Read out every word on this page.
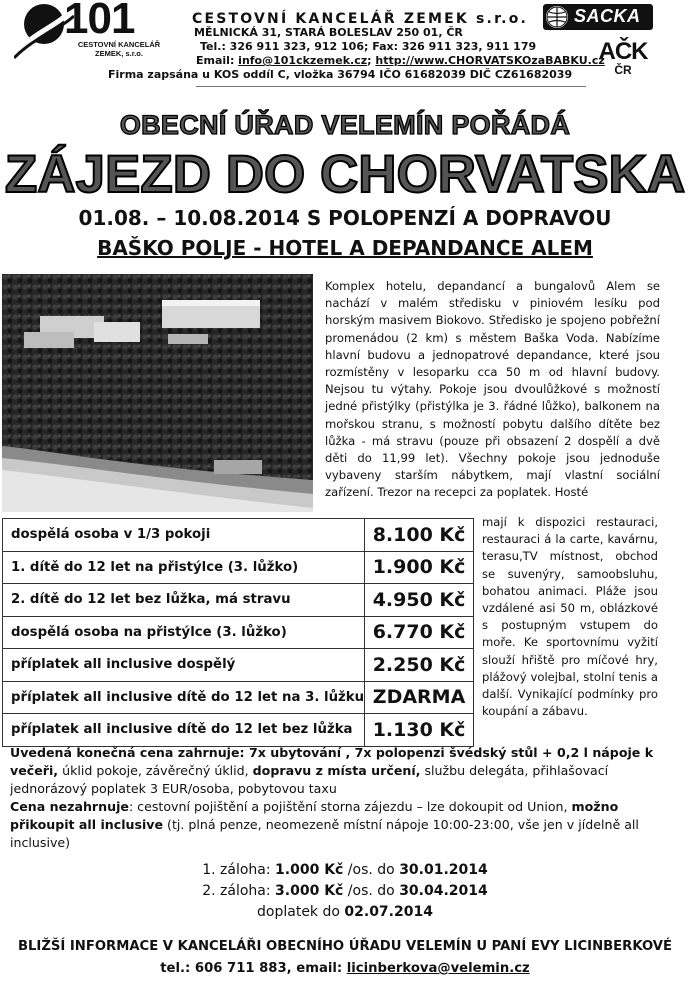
101
CESTOVNÍ KANCELÁŘ
ZEMEK, s.r.o.
CESTOVNÍ KANCELÁŘ ZEMEK s.r.o.
MĚLNICKÁ 31, STARÁ BOLESLAV 250 01, ČR
Tel.: 326 911 323, 912 106; Fax: 326 911 323, 911 179
Email: info@101ckzemek.cz; http://www.CHORVATSKOzaBABKU.cz
Firma zapsána u KOS oddíl C, vložka 36794 IČO 61682039 DIČ CZ61682039
SACKA
AČK
ČR
OBECNÍ ÚŘAD VELEMÍN POŘÁDÁ
ZÁJEZD DO CHORVATSKA
01.08. – 10.08.2014 S POLOPENZÍ A DOPRAVOU
BAŠKO POLJE - HOTEL A DEPANDANCE ALEM
Komplex hotelu, depandancí a bungalovů Alem se nachází v malém středisku v piniovém lesíku pod horským masivem Biokovo. Středisko je spojeno pobřežní promenádou (2 km) s městem Baška Voda. Nabízíme hlavní budovu a jednopatrové depandance, které jsou rozmístěny v lesoparku cca 50 m od hlavní budovy. Nejsou tu výtahy. Pokoje jsou dvoulůžkové s možností jedné přistýlky (přistýlka je 3. řádné lůžko), balkonem na mořskou stranu, s možností pobytu dalšího dítěte bez lůžka - má stravu (pouze při obsazení 2 dospělí a dvě děti do 11,99 let). Všechny pokoje jsou jednoduše vybaveny starším nábytkem, mají vlastní sociální zařízení. Trezor na recepci za poplatek. Hosté
mají k dispozici restauraci, restauraci á la carte, kavárnu, terasu,TV místnost, obchod se suvenýry, samoobsluhu, bohatou animaci. Pláže jsou vzdálené asi 50 m, oblázkové s postupným vstupem do moře. Ke sportovnímu vyžití slouží hřiště pro míčové hry, plážový volejbal, stolní tenis a další. Vynikající podmínky pro koupání a zábavu.
dospělá osoba v 1/3 pokoji	8.100 Kč
1. dítě do 12 let na přistýlce (3. lůžko)	1.900 Kč
2. dítě do 12 let bez lůžka, má stravu	4.950 Kč
dospělá osoba na přistýlce (3. lůžko)	6.770 Kč
příplatek all inclusive dospělý	2.250 Kč
příplatek all inclusive dítě do 12 let na 3. lůžku	ZDARMA
příplatek all inclusive dítě do 12 let bez lůžka	1.130 Kč
Uvedená konečná cena zahrnuje: 7x ubytování , 7x polopenzi švédský stůl + 0,2 l nápoje k večeři, úklid pokoje, závěrečný úklid, dopravu z místa určení, službu delegáta, přihlašovací jednorázový poplatek 3 EUR/osoba, pobytovou taxu
Cena nezahrnuje: cestovní pojištění a pojištění storna zájezdu – lze dokoupit od Union, možno přikoupit all inclusive (tj. plná penze, neomezeně místní nápoje 10:00-23:00, vše jen v jídelně all inclusive)
1. záloha: 1.000 Kč /os. do 30.01.2014
2. záloha: 3.000 Kč /os. do 30.04.2014
doplatek do 02.07.2014
BLIŽŠÍ INFORMACE V KANCELÁŘI OBECNÍHO ÚŘADU VELEMÍN U PANÍ EVY LICINBERKOVÉ
tel.: 606 711 883, email: licinberkova@velemin.cz
